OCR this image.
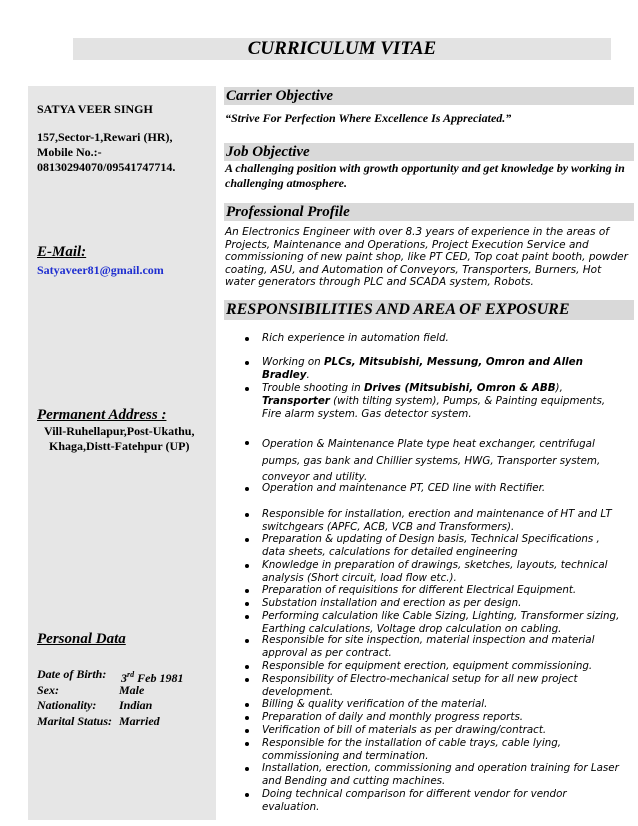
CURRICULUM VITAE
SATYA VEER SINGH
157,Sector-1,Rewari (HR),
Mobile No.:-
08130294070/09541747714.
E-Mail:
Satyaveer81@gmail.com
Permanent Address :
Vill-Ruhellapur,Post-Ukathu,
Khaga,Distt-Fatehpur (UP)
Personal Data
Date of Birth: 3rd Feb 1981
Sex:	Male
Nationality: Indian
Marital Status: Married
Carrier Objective
“Strive For Perfection Where Excellence Is Appreciated.”
Job Objective
A challenging position with growth opportunity and get knowledge by working in challenging atmosphere.
Professional Profile
An Electronics Engineer with over 8.3 years of experience in the areas of Projects, Maintenance and Operations, Project Execution Service and commissioning of new paint shop, like PT CED, Top coat paint booth, powder coating, ASU, and Automation of Conveyors, Transporters, Burners, Hot water generators through PLC and SCADA system, Robots.
RESPONSIBILITIES AND AREA OF EXPOSURE
Rich experience in automation field.
Working on PLCs, Mitsubishi, Messung, Omron and Allen Bradley.
Trouble shooting in Drives (Mitsubishi, Omron & ABB), Transporter (with tilting system), Pumps, & Painting equipments, Fire alarm system. Gas detector system.
Operation & Maintenance Plate type heat exchanger, centrifugal pumps, gas bank and Chillier systems, HWG, Transporter system, conveyor and utility.
Operation and maintenance PT, CED line with Rectifier.
Responsible for installation, erection and maintenance of HT and LT switchgears (APFC, ACB, VCB and Transformers).
Preparation & updating of Design basis, Technical Specifications , data sheets, calculations for detailed engineering
Knowledge in preparation of drawings, sketches, layouts, technical analysis (Short circuit, load flow etc.).
Preparation of requisitions for different Electrical Equipment.
Substation installation and erection as per design.
Performing calculation like Cable Sizing, Lighting, Transformer sizing, Earthing calculations, Voltage drop calculation on cabling.
Responsible for site inspection, material inspection and material approval as per contract.
Responsible for equipment erection, equipment commissioning.
Responsibility of Electro-mechanical setup for all new project development.
Billing & quality verification of the material.
Preparation of daily and monthly progress reports.
Verification of bill of materials as per drawing/contract.
Responsible for the installation of cable trays, cable lying, commissioning and termination.
Installation, erection, commissioning and operation training for Laser and Bending and cutting machines.
Doing technical comparison for different vendor for vendor evaluation.
